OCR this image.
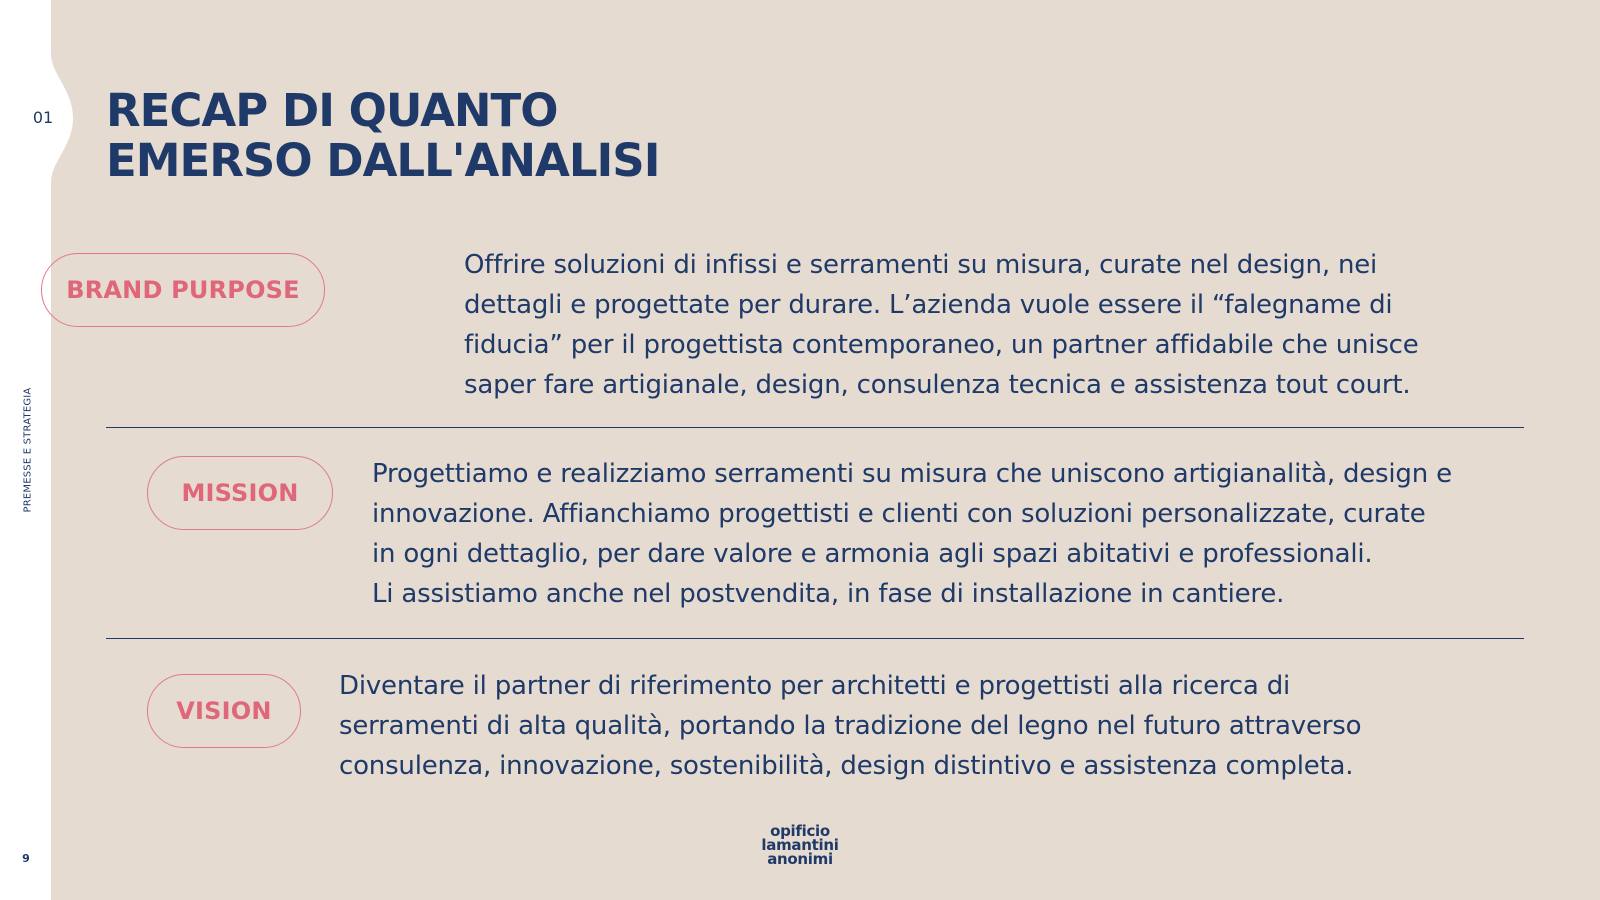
01
PREMESSE E STRATEGIA
9
RECAP DI QUANTO
EMERSO DALL'ANALISI
BRAND PURPOSE

Offrire soluzioni di infissi e serramenti su misura, curate nel design, nei
dettagli e progettate per durare. L’azienda vuole essere il “falegname di
fiducia” per il progettista contemporaneo, un partner affidabile che unisce
saper fare artigianale, design, consulenza tecnica e assistenza tout court.

MISSION

Progettiamo e realizziamo serramenti su misura che uniscono artigianalità, design e
innovazione. Affianchiamo progettisti e clienti con soluzioni personalizzate, curate
in ogni dettaglio, per dare valore e armonia agli spazi abitativi e professionali.
Li assistiamo anche nel postvendita, in fase di installazione in cantiere.

VISION

Diventare il partner di riferimento per architetti e progettisti alla ricerca di
serramenti di alta qualità, portando la tradizione del legno nel futuro attraverso
consulenza, innovazione, sostenibilità, design distintivo e assistenza completa.

opificio
lamantini
anonimi
